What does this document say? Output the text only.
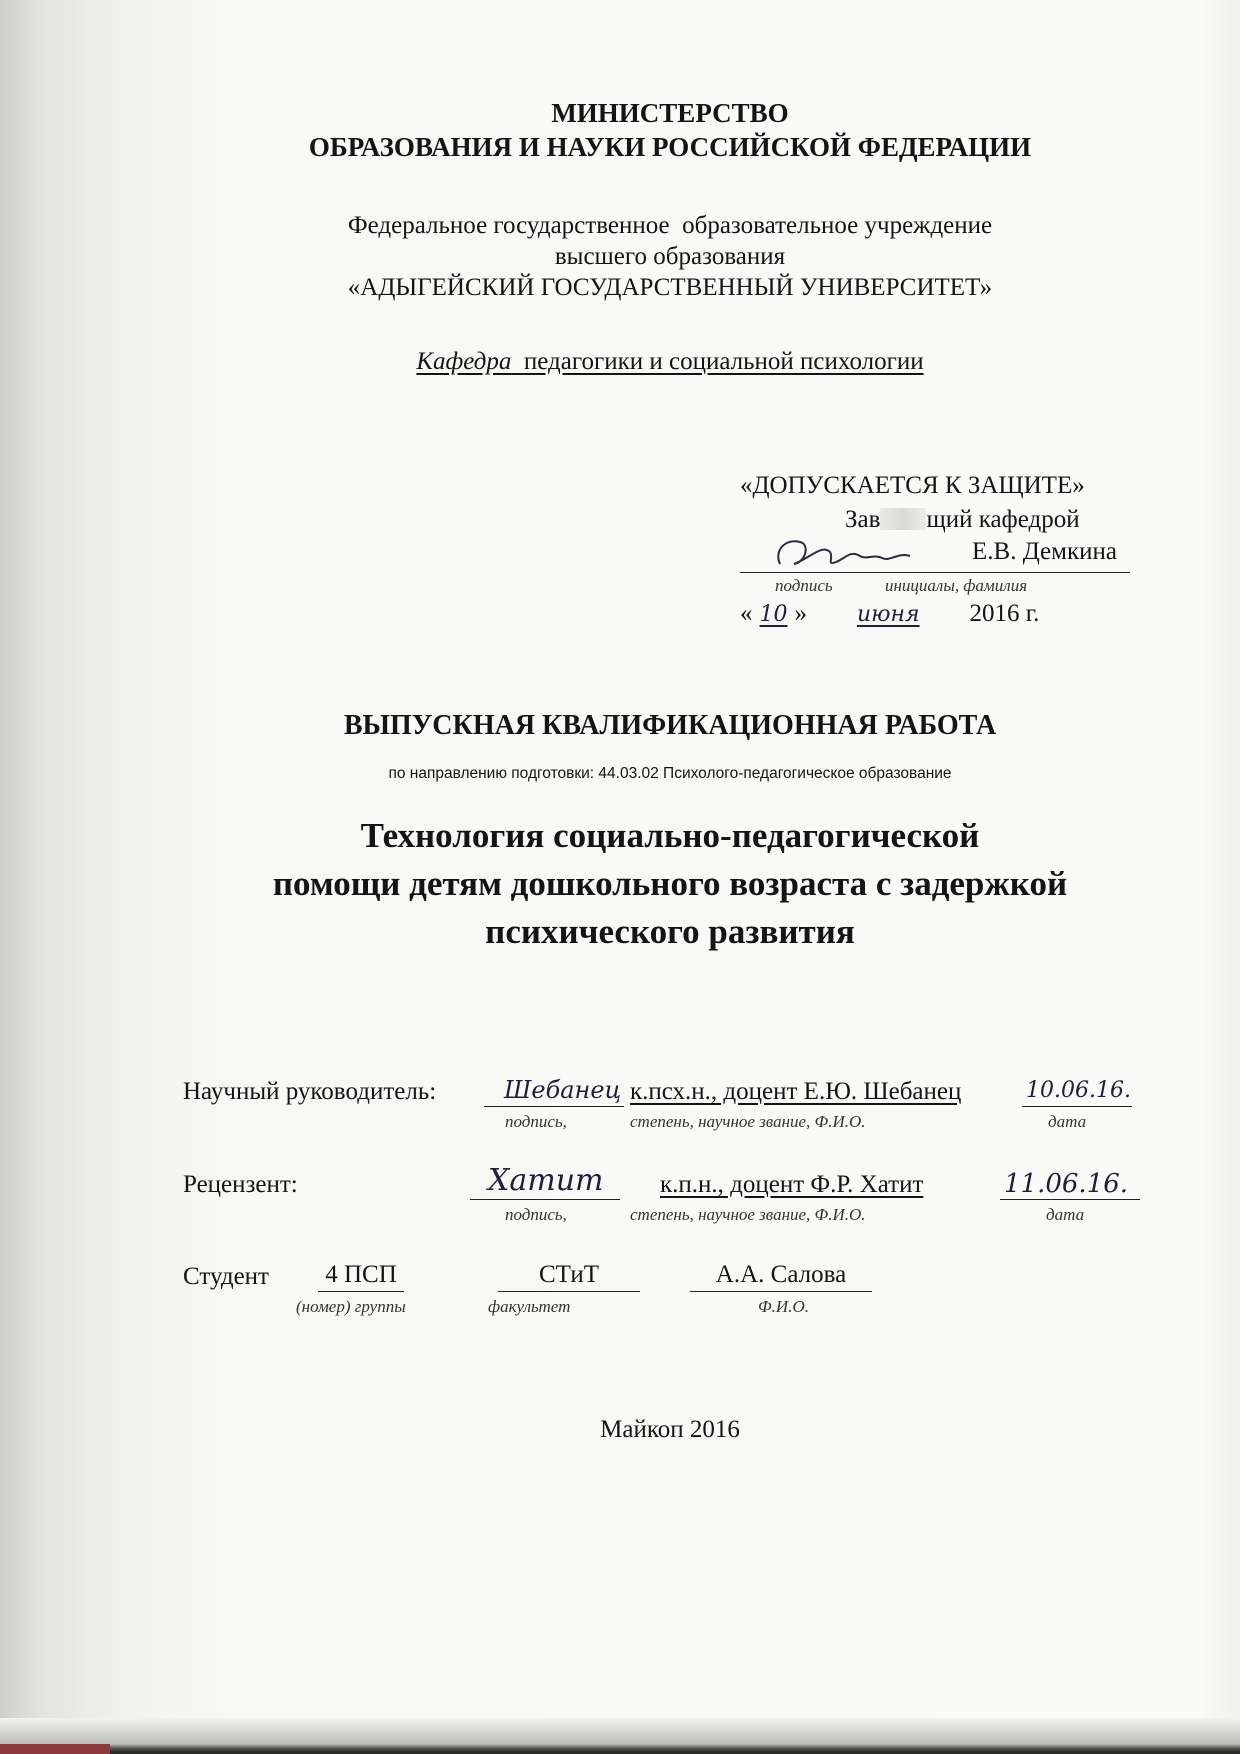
МИНИСТЕРСТВО
ОБРАЗОВАНИЯ И НАУКИ РОССИЙСКОЙ ФЕДЕРАЦИИ
Федеральное государственное  образовательное учреждение
высшего образования
«АДЫГЕЙСКИЙ ГОСУДАРСТВЕННЫЙ УНИВЕРСИТЕТ»
Кафедра педагогики и социальной психологии
«ДОПУСКАЕТСЯ К ЗАЩИТЕ»
Зав щий кафедрой
Е.В. Демкина
подпись	инициалы, фамилия
« 10 » июня 2016 г.
ВЫПУСКНАЯ КВАЛИФИКАЦИОННАЯ РАБОТА
по направлению подготовки: 44.03.02 Психолого-педагогическое образование
Технология социально-педагогической
помощи детям дошкольного возраста с задержкой
психического развития
Научный руководитель:	Шебанец к.псх.н., доцент Е.Ю. Шебанец	10.06.16.
подпись,	степень, научное звание, Ф.И.О.	дата
Рецензент:	Хатит к.п.н., доцент Ф.Р. Хатит	11.06.16.
подпись,	степень, научное звание, Ф.И.О.	дата
Студент 4 ПСП	СТиТ	А.А. Салова
(номер) группы	факультет	Ф.И.О.
Майкоп 2016
